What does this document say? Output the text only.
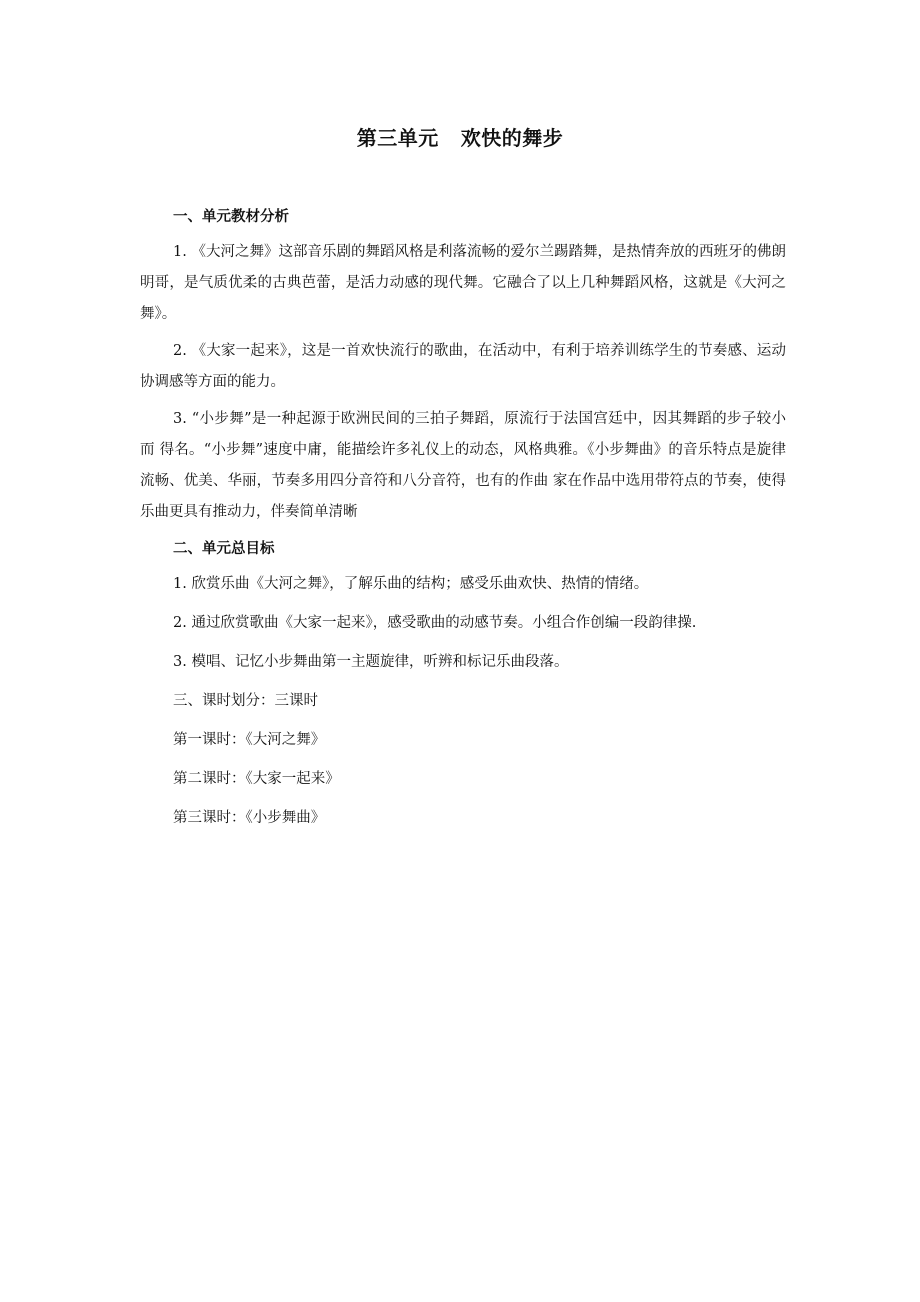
第三单元 欢快的舞步
一、单元教材分析

1. 《大河之舞》这部音乐剧的舞蹈风格是利落流畅的爱尔兰踢踏舞，是热情奔放的西班牙的佛朗明哥，是气质优柔的古典芭蕾，是活力动感的现代舞。它融合了以上几种舞蹈风格，这就是《大河之舞》。

2. 《大家一起来》，这是一首欢快流行的歌曲，在活动中，有利于培养训练学生的节奏感、运动协调感等方面的能力。

3. “小步舞”是一种起源于欧洲民间的三拍子舞蹈，原流行于法国宫廷中，因其舞蹈的步子较小而 得名。“小步舞”速度中庸，能描绘许多礼仪上的动态，风格典雅。《小步舞曲》的音乐特点是旋律流畅、优美、华丽，节奏多用四分音符和八分音符，也有的作曲 家在作品中选用带符点的节奏，使得乐曲更具有推动力，伴奏简单清晰

二、单元总目标
1. 欣赏乐曲《大河之舞》，了解乐曲的结构；感受乐曲欢快、热情的情绪。
2. 通过欣赏歌曲《大家一起来》，感受歌曲的动感节奏。小组合作创编一段韵律操.
3. 模唱、记忆小步舞曲第一主题旋律，听辨和标记乐曲段落。
三、课时划分：三课时
第一课时：《大河之舞》
第二课时：《大家一起来》
第三课时：《小步舞曲》
